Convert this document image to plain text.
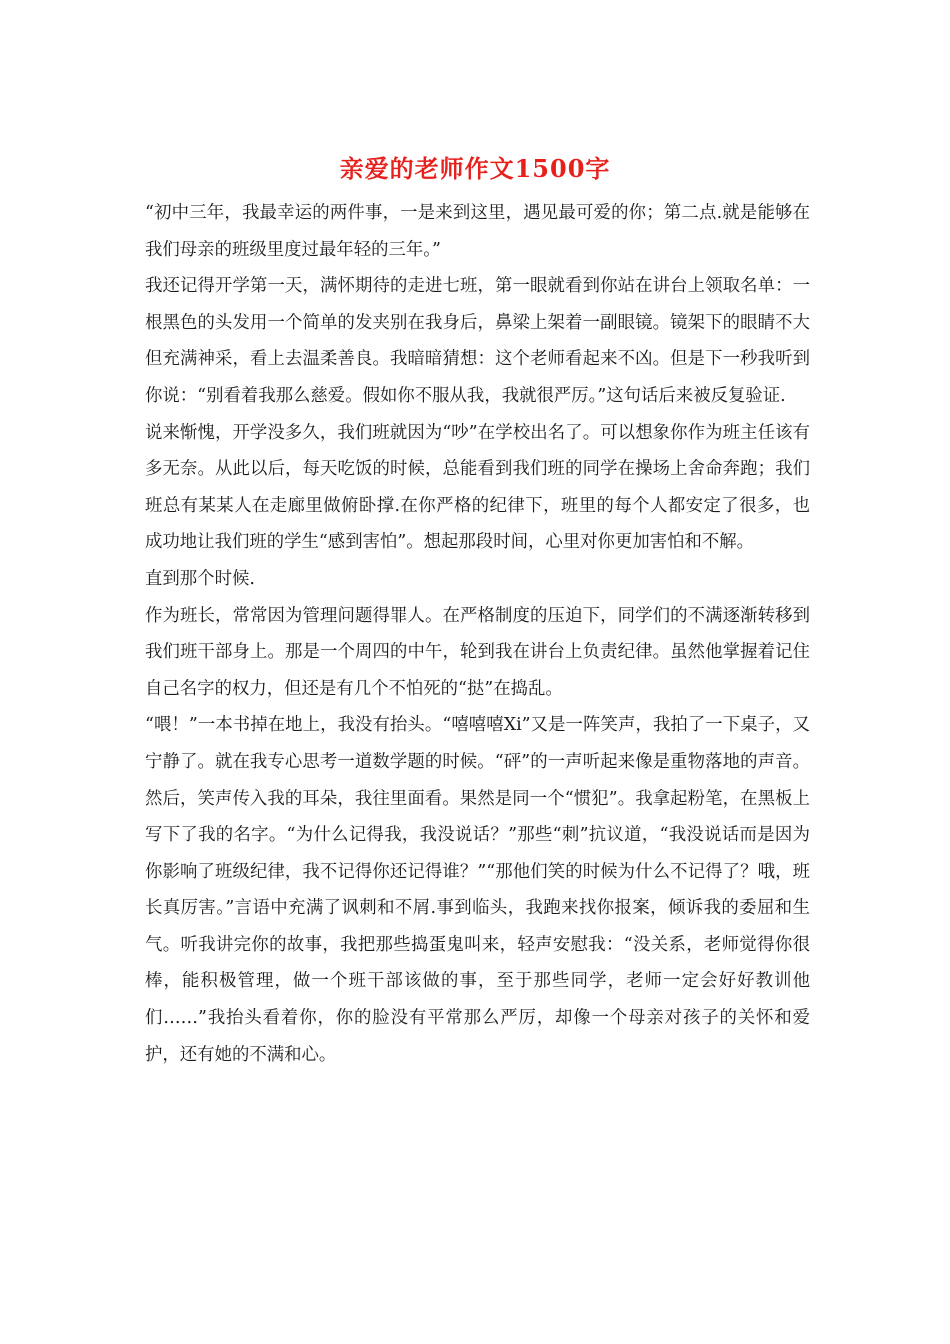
亲爱的老师作文1500字

“初中三年，我最幸运的两件事，一是来到这里，遇见最可爱的你；第二点.就是能够在我们母亲的班级里度过最年轻的三年。”

我还记得开学第一天，满怀期待的走进七班，第一眼就看到你站在讲台上领取名单：一根黑色的头发用一个简单的发夹别在我身后，鼻梁上架着一副眼镜。镜架下的眼睛不大但充满神采，看上去温柔善良。我暗暗猜想：这个老师看起来不凶。但是下一秒我听到你说：“别看着我那么慈爱。假如你不服从我，我就很严厉。”这句话后来被反复验证.

说来惭愧，开学没多久，我们班就因为“吵”在学校出名了。可以想象你作为班主任该有多无奈。从此以后，每天吃饭的时候，总能看到我们班的同学在操场上舍命奔跑；我们班总有某某人在走廊里做俯卧撑.在你严格的纪律下，班里的每个人都安定了很多，也成功地让我们班的学生“感到害怕”。想起那段时间，心里对你更加害怕和不解。

直到那个时候.

作为班长，常常因为管理问题得罪人。在严格制度的压迫下，同学们的不满逐渐转移到我们班干部身上。那是一个周四的中午，轮到我在讲台上负责纪律。虽然他掌握着记住自己名字的权力，但还是有几个不怕死的“挞”在捣乱。

“喂！”一本书掉在地上，我没有抬头。“嘻嘻嘻Xi”又是一阵笑声，我拍了一下桌子，又宁静了。就在我专心思考一道数学题的时候。“砰”的一声听起来像是重物落地的声音。然后，笑声传入我的耳朵，我往里面看。果然是同一个“惯犯”。我拿起粉笔，在黑板上写下了我的名字。“为什么记得我，我没说话？”那些“刺”抗议道，“我没说话而是因为你影响了班级纪律，我不记得你还记得谁？”“那他们笑的时候为什么不记得了？哦，班长真厉害。”言语中充满了讽刺和不屑.事到临头，我跑来找你报案，倾诉我的委屈和生气。听我讲完你的故事，我把那些捣蛋鬼叫来，轻声安慰我：“没关系，老师觉得你很棒，能积极管理，做一个班干部该做的事，至于那些同学，老师一定会好好教训他们……”我抬头看着你，你的脸没有平常那么严厉，却像一个母亲对孩子的关怀和爱护，还有她的不满和心。
